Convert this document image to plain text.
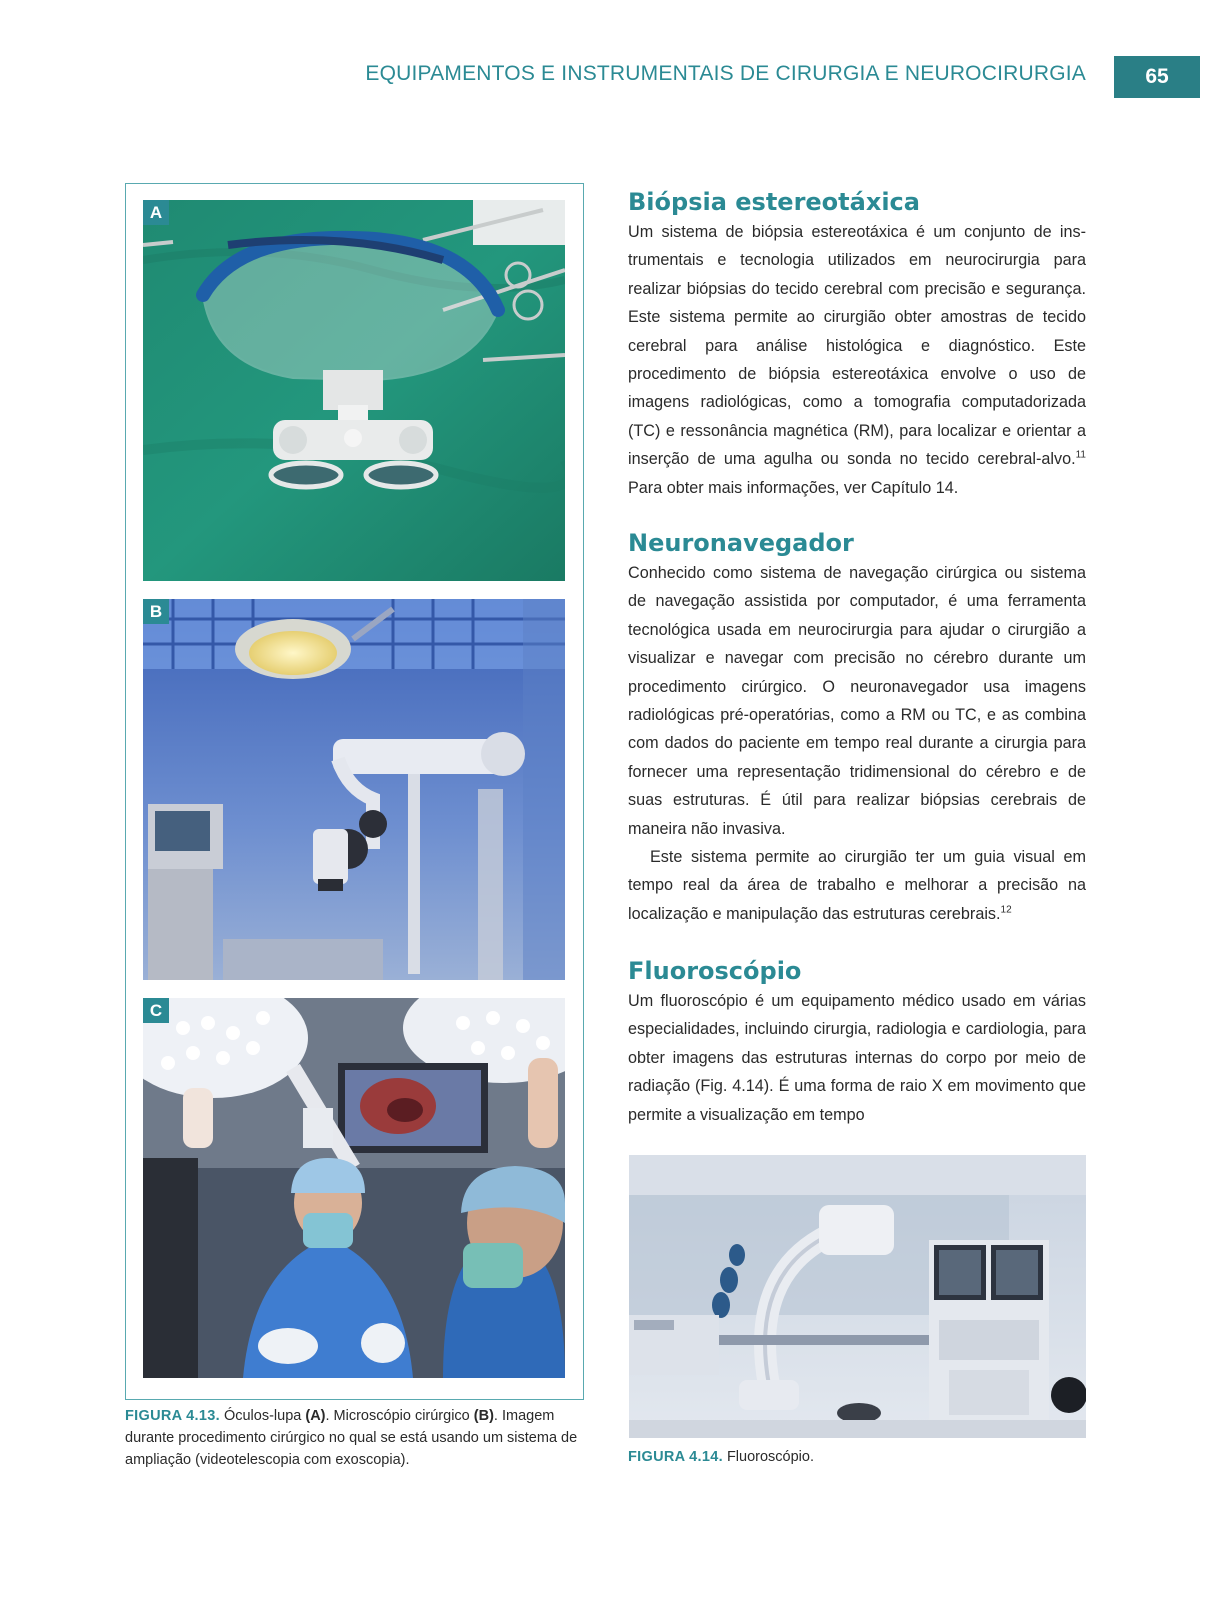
EQUIPAMENTOS E INSTRUMENTAIS DE CIRURGIA E NEUROCIRURGIA	65
A
B
C
FIGURA 4.13. Óculos-lupa (A). Microscópio cirúrgico (B). Imagem durante procedimento cirúrgico no qual se está usando um sistema de ampliação (videotelescopia com exoscopia).
Biópsia estereotáxica

Um sistema de biópsia estereotáxica é um conjunto de instrumentais e tecnologia utilizados em neurocirurgia para realizar biópsias do tecido cerebral com precisão e segurança. Este sistema permite ao cirurgião obter amostras de tecido cerebral para análise histológica e diagnóstico. Este procedimento de biópsia estereotáxica envolve o uso de imagens radiológicas, como a tomografia computadorizada (TC) e ressonância magnética (RM), para localizar e orientar a inserção de uma agulha ou sonda no tecido cerebral-alvo.$^{11}$ Para obter mais informações, ver Capítulo 14.

Neuronavegador

Conhecido como sistema de navegação cirúrgica ou sistema de navegação assistida por computador, é uma ferramenta tecnológica usada em neurocirurgia para ajudar o cirurgião a visualizar e navegar com precisão no cérebro durante um procedimento cirúrgico. O neuronavegador usa imagens radiológicas pré-operatórias, como a RM ou TC, e as combina com dados do paciente em tempo real durante a cirurgia para fornecer uma representação tridimensional do cérebro e de suas estruturas. É útil para realizar biópsias cerebrais de maneira não invasiva.

Este sistema permite ao cirurgião ter um guia visual em tempo real da área de trabalho e melhorar a precisão na localização e manipulação das estruturas cerebrais.$^{12}$

Fluoroscópio

Um fluoroscópio é um equipamento médico usado em várias especialidades, incluindo cirurgia, radiologia e cardiologia, para obter imagens das estruturas internas do corpo por meio de radiação (Fig. 4.14). É uma forma de raio X em movimento que permite a visualização em tempo

FIGURA 4.14. Fluoroscópio.
